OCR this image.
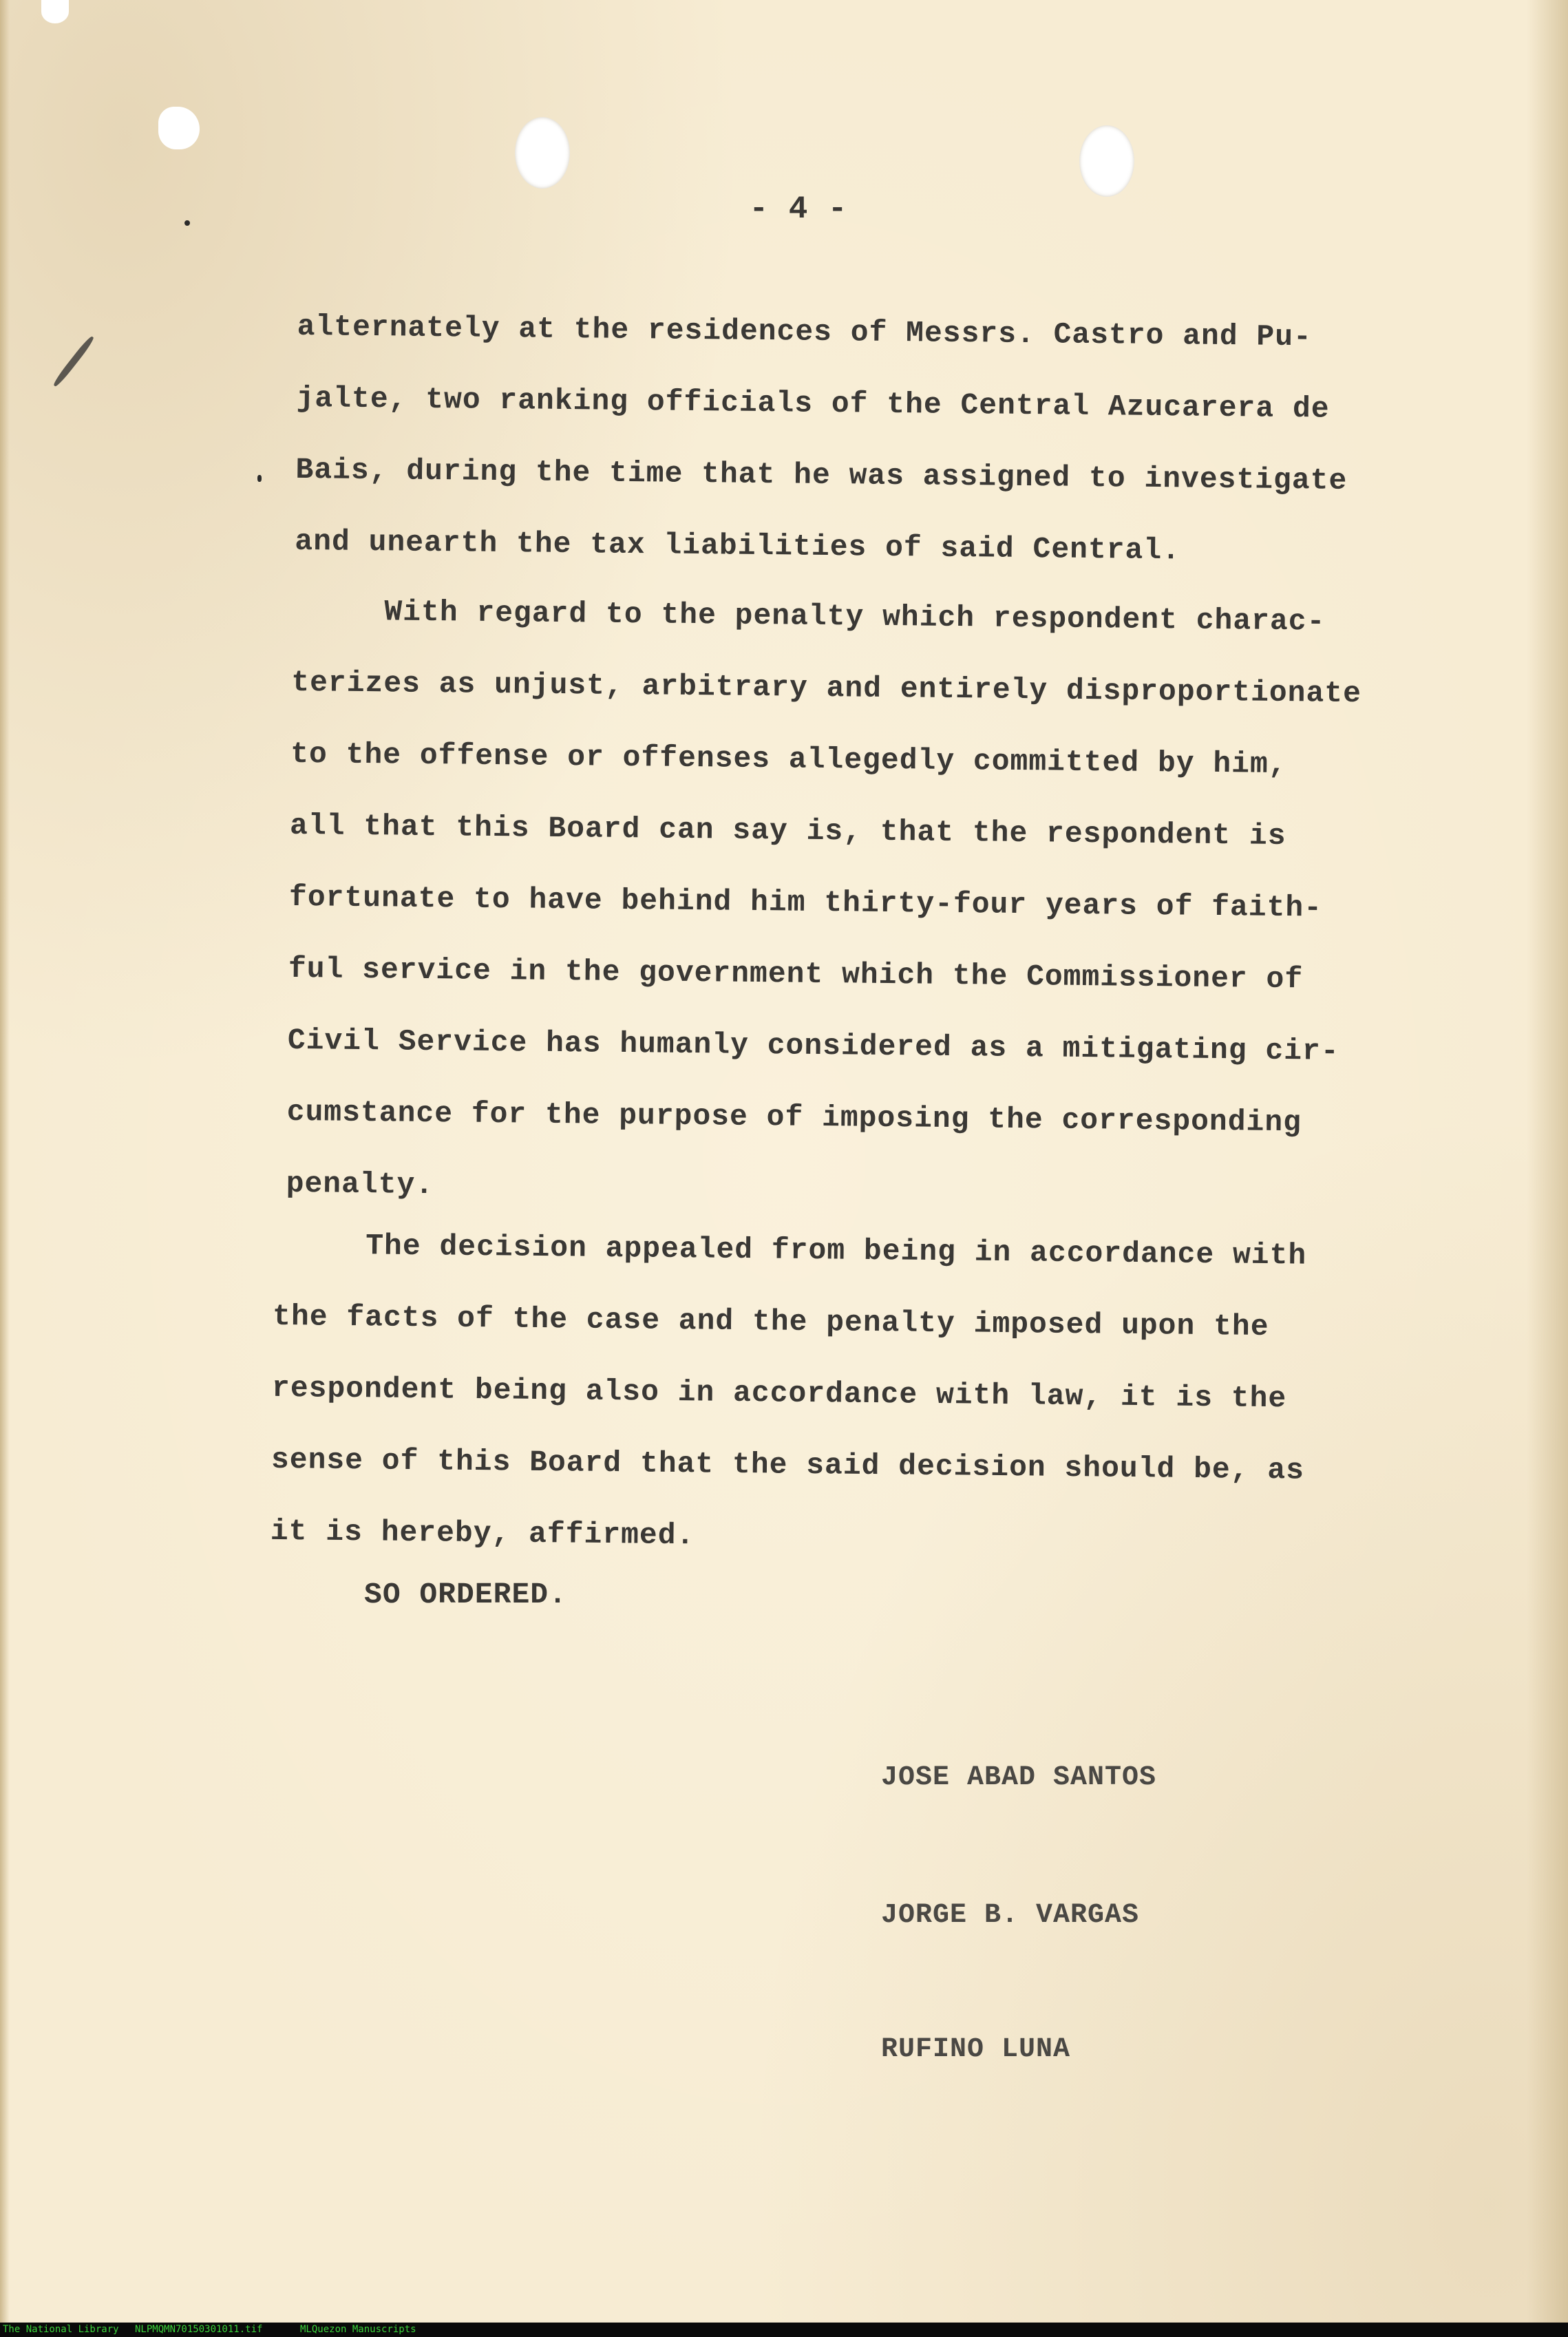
- 4 -
alternately at the residences of Messrs. Castro and Pu-
jalte, two ranking officials of the Central Azucarera de
Bais, during the time that he was assigned to investigate
and unearth the tax liabilities of said Central.
With regard to the penalty which respondent charac-
terizes as unjust, arbitrary and entirely disproportionate
to the offense or offenses allegedly committed by him,
all that this Board can say is, that the respondent is
fortunate to have behind him thirty-four years of faith-
ful service in the government which the Commissioner of
Civil Service has humanly considered as a mitigating cir-
cumstance for the purpose of imposing the corresponding
penalty.
The decision appealed from being in accordance with
the facts of the case and the penalty imposed upon the
respondent being also in accordance with law, it is the
sense of this Board that the said decision should be, as
it is hereby, affirmed.
SO ORDERED.
JOSE ABAD SANTOS
JORGE B. VARGAS
RUFINO LUNA
The National Library NLPMQMN70150301011.tif	MLQuezon Manuscripts
